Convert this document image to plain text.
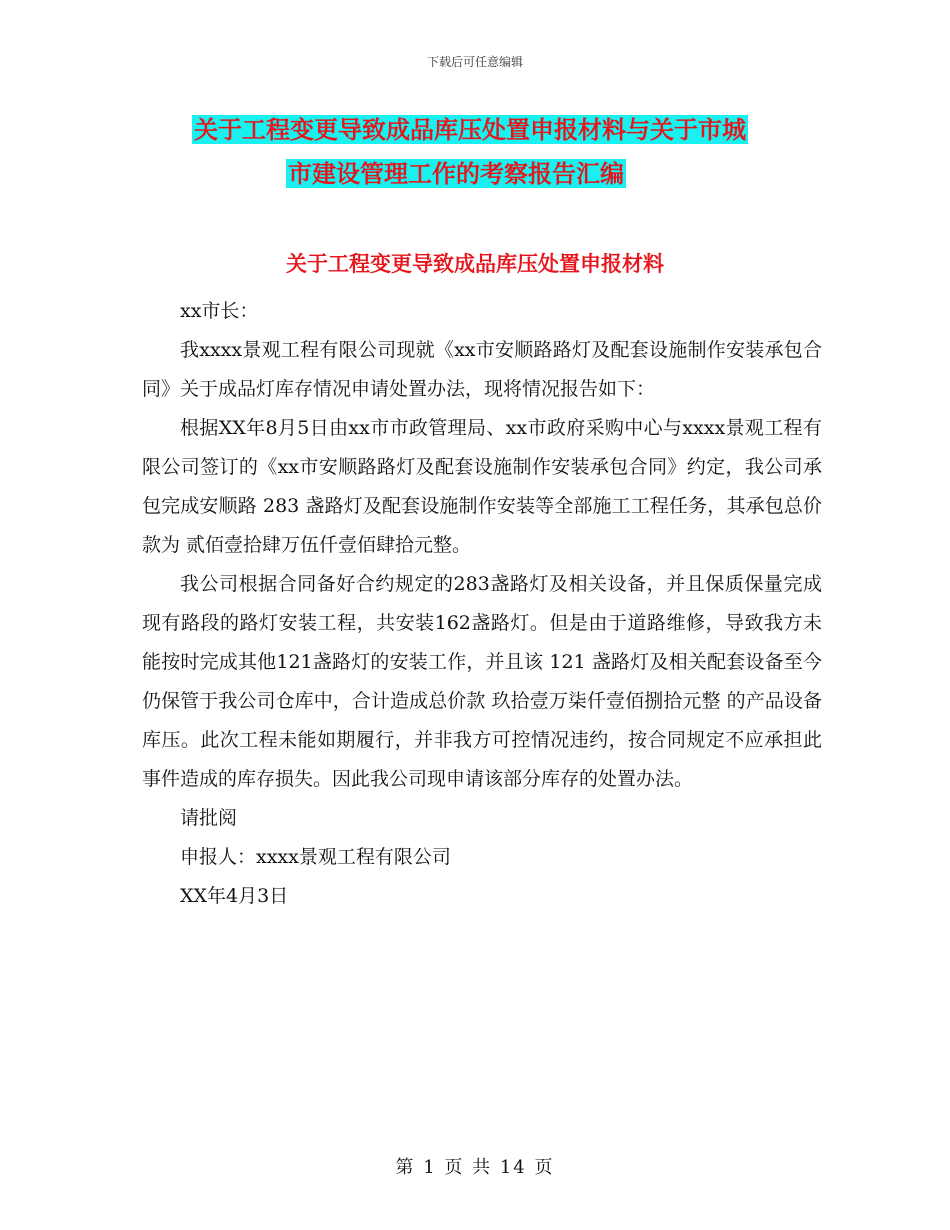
下载后可任意编辑
关于工程变更导致成品库压处置申报材料与关于市城
市建设管理工作的考察报告汇编
关于工程变更导致成品库压处置申报材料

xx市长：

我xxxx景观工程有限公司现就《xx市安顺路路灯及配套设施制作安装承包合同》关于成品灯库存情况申请处置办法，现将情况报告如下：

根据XX年8月5日由xx市市政管理局、xx市政府采购中心与xxxx景观工程有限公司签订的《xx市安顺路路灯及配套设施制作安装承包合同》约定，我公司承包完成安顺路 283 盏路灯及配套设施制作安装等全部施工工程任务，其承包总价款为 贰佰壹拾肆万伍仟壹佰肆拾元整。

我公司根据合同备好合约规定的283盏路灯及相关设备，并且保质保量完成现有路段的路灯安装工程，共安装162盏路灯。但是由于道路维修，导致我方未能按时完成其他121盏路灯的安装工作，并且该 121 盏路灯及相关配套设备至今仍保管于我公司仓库中，合计造成总价款 玖拾壹万柒仟壹佰捌拾元整 的产品设备库压。此次工程未能如期履行，并非我方可控情况违约，按合同规定不应承担此事件造成的库存损失。因此我公司现申请该部分库存的处置办法。

请批阅

申报人：xxxx景观工程有限公司

XX年4月3日

第 1 页 共 14 页
